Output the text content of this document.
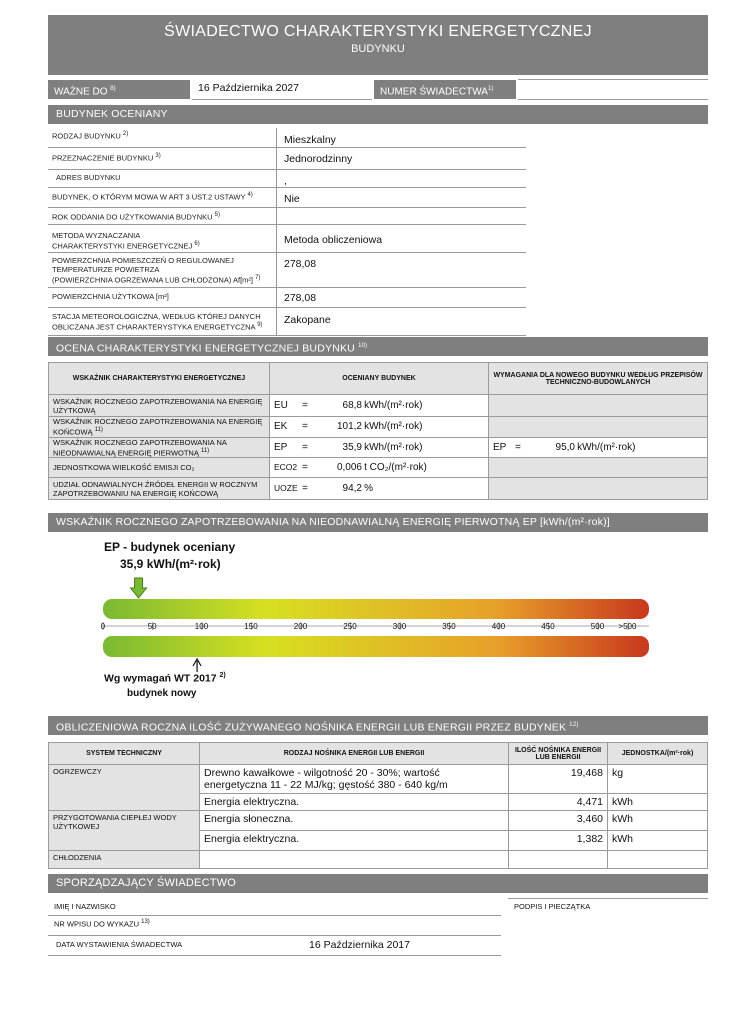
ŚWIADECTWO CHARAKTERYSTYKI ENERGETYCZNEJ
BUDYNKU
WAŻNE DO $^{8)}$	16 Października 2027	NUMER ŚWIADECTWA$^{1)}$
BUDYNEK OCENIANY
RODZAJ BUDYNKU $^{2)}$	Mieszkalny
PRZEZNACZENIE BUDYNKU $^{3)}$	Jednorodzinny
ADRES BUDYNKU	,
BUDYNEK, O KTÓRYM MOWA W ART 3 UST.2 USTAWY $^{4)}$	Nie
ROK ODDANIA DO UŻYTKOWANIA BUDYNKU $^{5)}$
METODA WYZNACZANIA
CHARAKTERYSTYKI ENERGETYCZNEJ $^{6)}$	Metoda obliczeniowa
POWIERZCHNIA POMIESZCZEŃ O REGULOWANEJ
TEMPERATURZE POWIETRZA
(POWIERZCHNIA OGRZEWANA LUB CHŁODZONA) Af[m²] $^{7)}$
278,08
POWIERZCHNIA UŻYTKOWA [m²]	278,08
STACJA METEOROLOGICZNA, WEDŁUG KTÓREJ DANYCH
OBLICZANA JEST CHARAKTERYSTYKA ENERGETYCZNA $^{9)}$ Zakopane
OCENA CHARAKTERYSTYKI ENERGETYCZNEJ BUDYNKU $^{10)}$
WSKAŹNIK CHARAKTERYSTYKI ENERGETYCZNEJ	OCENIANY BUDYNEK	WYMAGANIA DLA NOWEGO BUDYNKU WEDŁUG PRZEPISÓW TECHNICZNO-BUDOWLANYCH
WSKAŹNIK ROCZNEGO ZAPOTRZEBOWANIA NA ENERGIĘ UŻYTKOWĄ	EU = 68,8 kWh/(m²·rok)	
WSKAŹNIK ROCZNEGO ZAPOTRZEBOWANIA NA ENERGIĘ KOŃCOWĄ $^{11)}$	EK = 101,2 kWh/(m²·rok)	
WSKAŹNIK ROCZNEGO ZAPOTRZEBOWANIA NA NIEODNAWIALNĄ ENERGIĘ PIERWOTNĄ $^{11)}$	EP = 35,9 kWh/(m²·rok)	EP = 95,0 kWh/(m²·rok)
JEDNOSTKOWA WIELKOŚĆ EMISJI CO₂	ECO2 = 0,006 t CO₂/(m²·rok)	
UDZIAŁ ODNAWIALNYCH ŹRÓDEŁ ENERGII W ROCZNYM ZAPOTRZEBOWANIU NA ENERGIĘ KOŃCOWĄ	UOZE = 94,2 %	
WSKAŹNIK ROCZNEGO ZAPOTRZEBOWANIA NA NIEODNAWIALNĄ ENERGIĘ PIERWOTNĄ EP [kWh/(m²·rok)]
EP - budynek oceniany
35,9 kWh/(m²·rok)
0	50	100	150	200	250	300	350	400	450	500 >500
Wg wymagań WT 2017 $^{2)}$
budynek nowy
OBLICZENIOWA ROCZNA ILOŚĆ ZUŻYWANEGO NOŚNIKA ENERGII LUB ENERGII PRZEZ BUDYNEK $^{12)}$
SYSTEM TECHNICZNY	RODZAJ NOŚNIKA ENERGII LUB ENERGII	ILOŚĆ NOŚNIKA ENERGII LUB ENERGII	JEDNOSTKA/(m²·rok)
OGRZEWCZY	Drewno kawałkowe - wilgotność 20 - 30%; wartość energetyczna 11 - 22 MJ/kg; gęstość 380 - 640 kg/m	19,468	kg
	Energia elektryczna.	4,471	kWh
PRZYGOTOWANIA CIEPŁEJ WODY UŻYTKOWEJ	Energia słoneczna.	3,460	kWh
	Energia elektryczna.	1,382	kWh
CHŁODZENIA			
SPORZĄDZAJĄCY ŚWIADECTWO
IMIĘ I NAZWISKO	PODPIS I PIECZĄTKA
NR WPISU DO WYKAZU $^{13)}$
DATA WYSTAWIENIA ŚWIADECTWA	16 Października 2017
